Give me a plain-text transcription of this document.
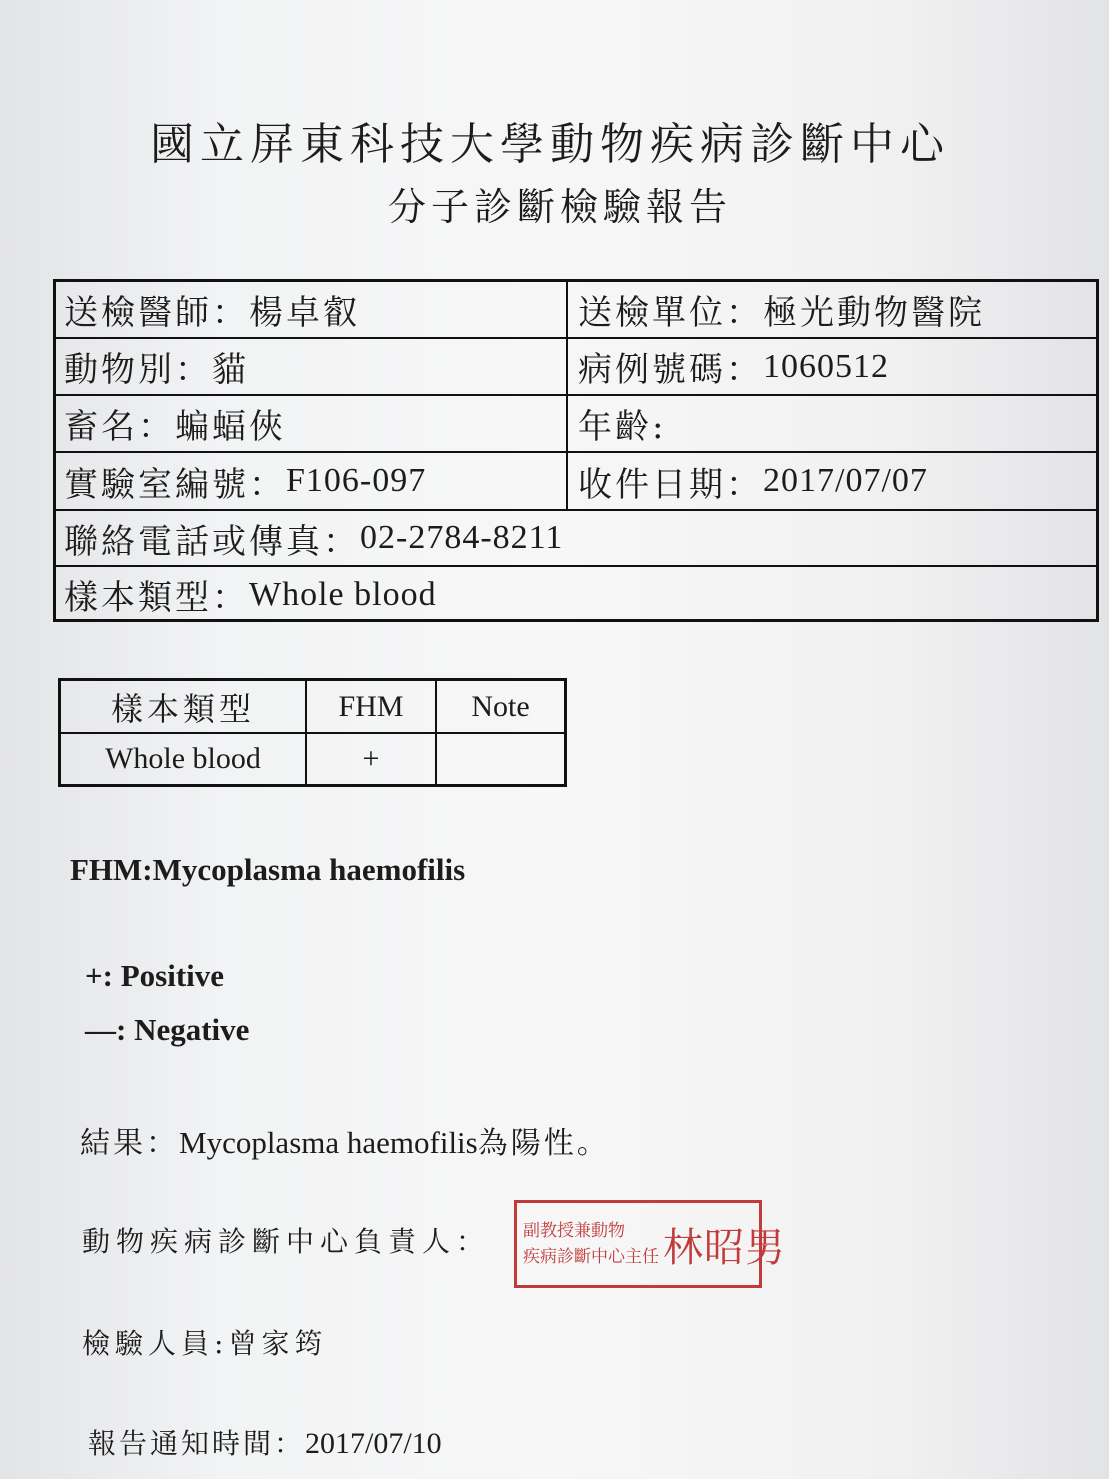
國立屏東科技大學動物疾病診斷中心
分子診斷檢驗報告
送檢醫師： 楊卓叡	送檢單位： 極光動物醫院
動物別： 貓	病例號碼： 1060512
畜名： 蝙蝠俠	年齡:
實驗室編號： F106-097	收件日期： 2017/07/07
聯絡電話或傳真： 02-2784-8211
樣本類型： Whole blood
樣本類型	FHM	Note
Whole blood	+
FHM:Mycoplasma haemofilis
+: Positive
—: Negative
結果：Mycoplasma haemofilis為陽性。
動物疾病診斷中心負責人： 副教授兼動物
疾病診斷中心主任 林昭男
檢驗人員:曾家筠
報告通知時間：2017/07/10
